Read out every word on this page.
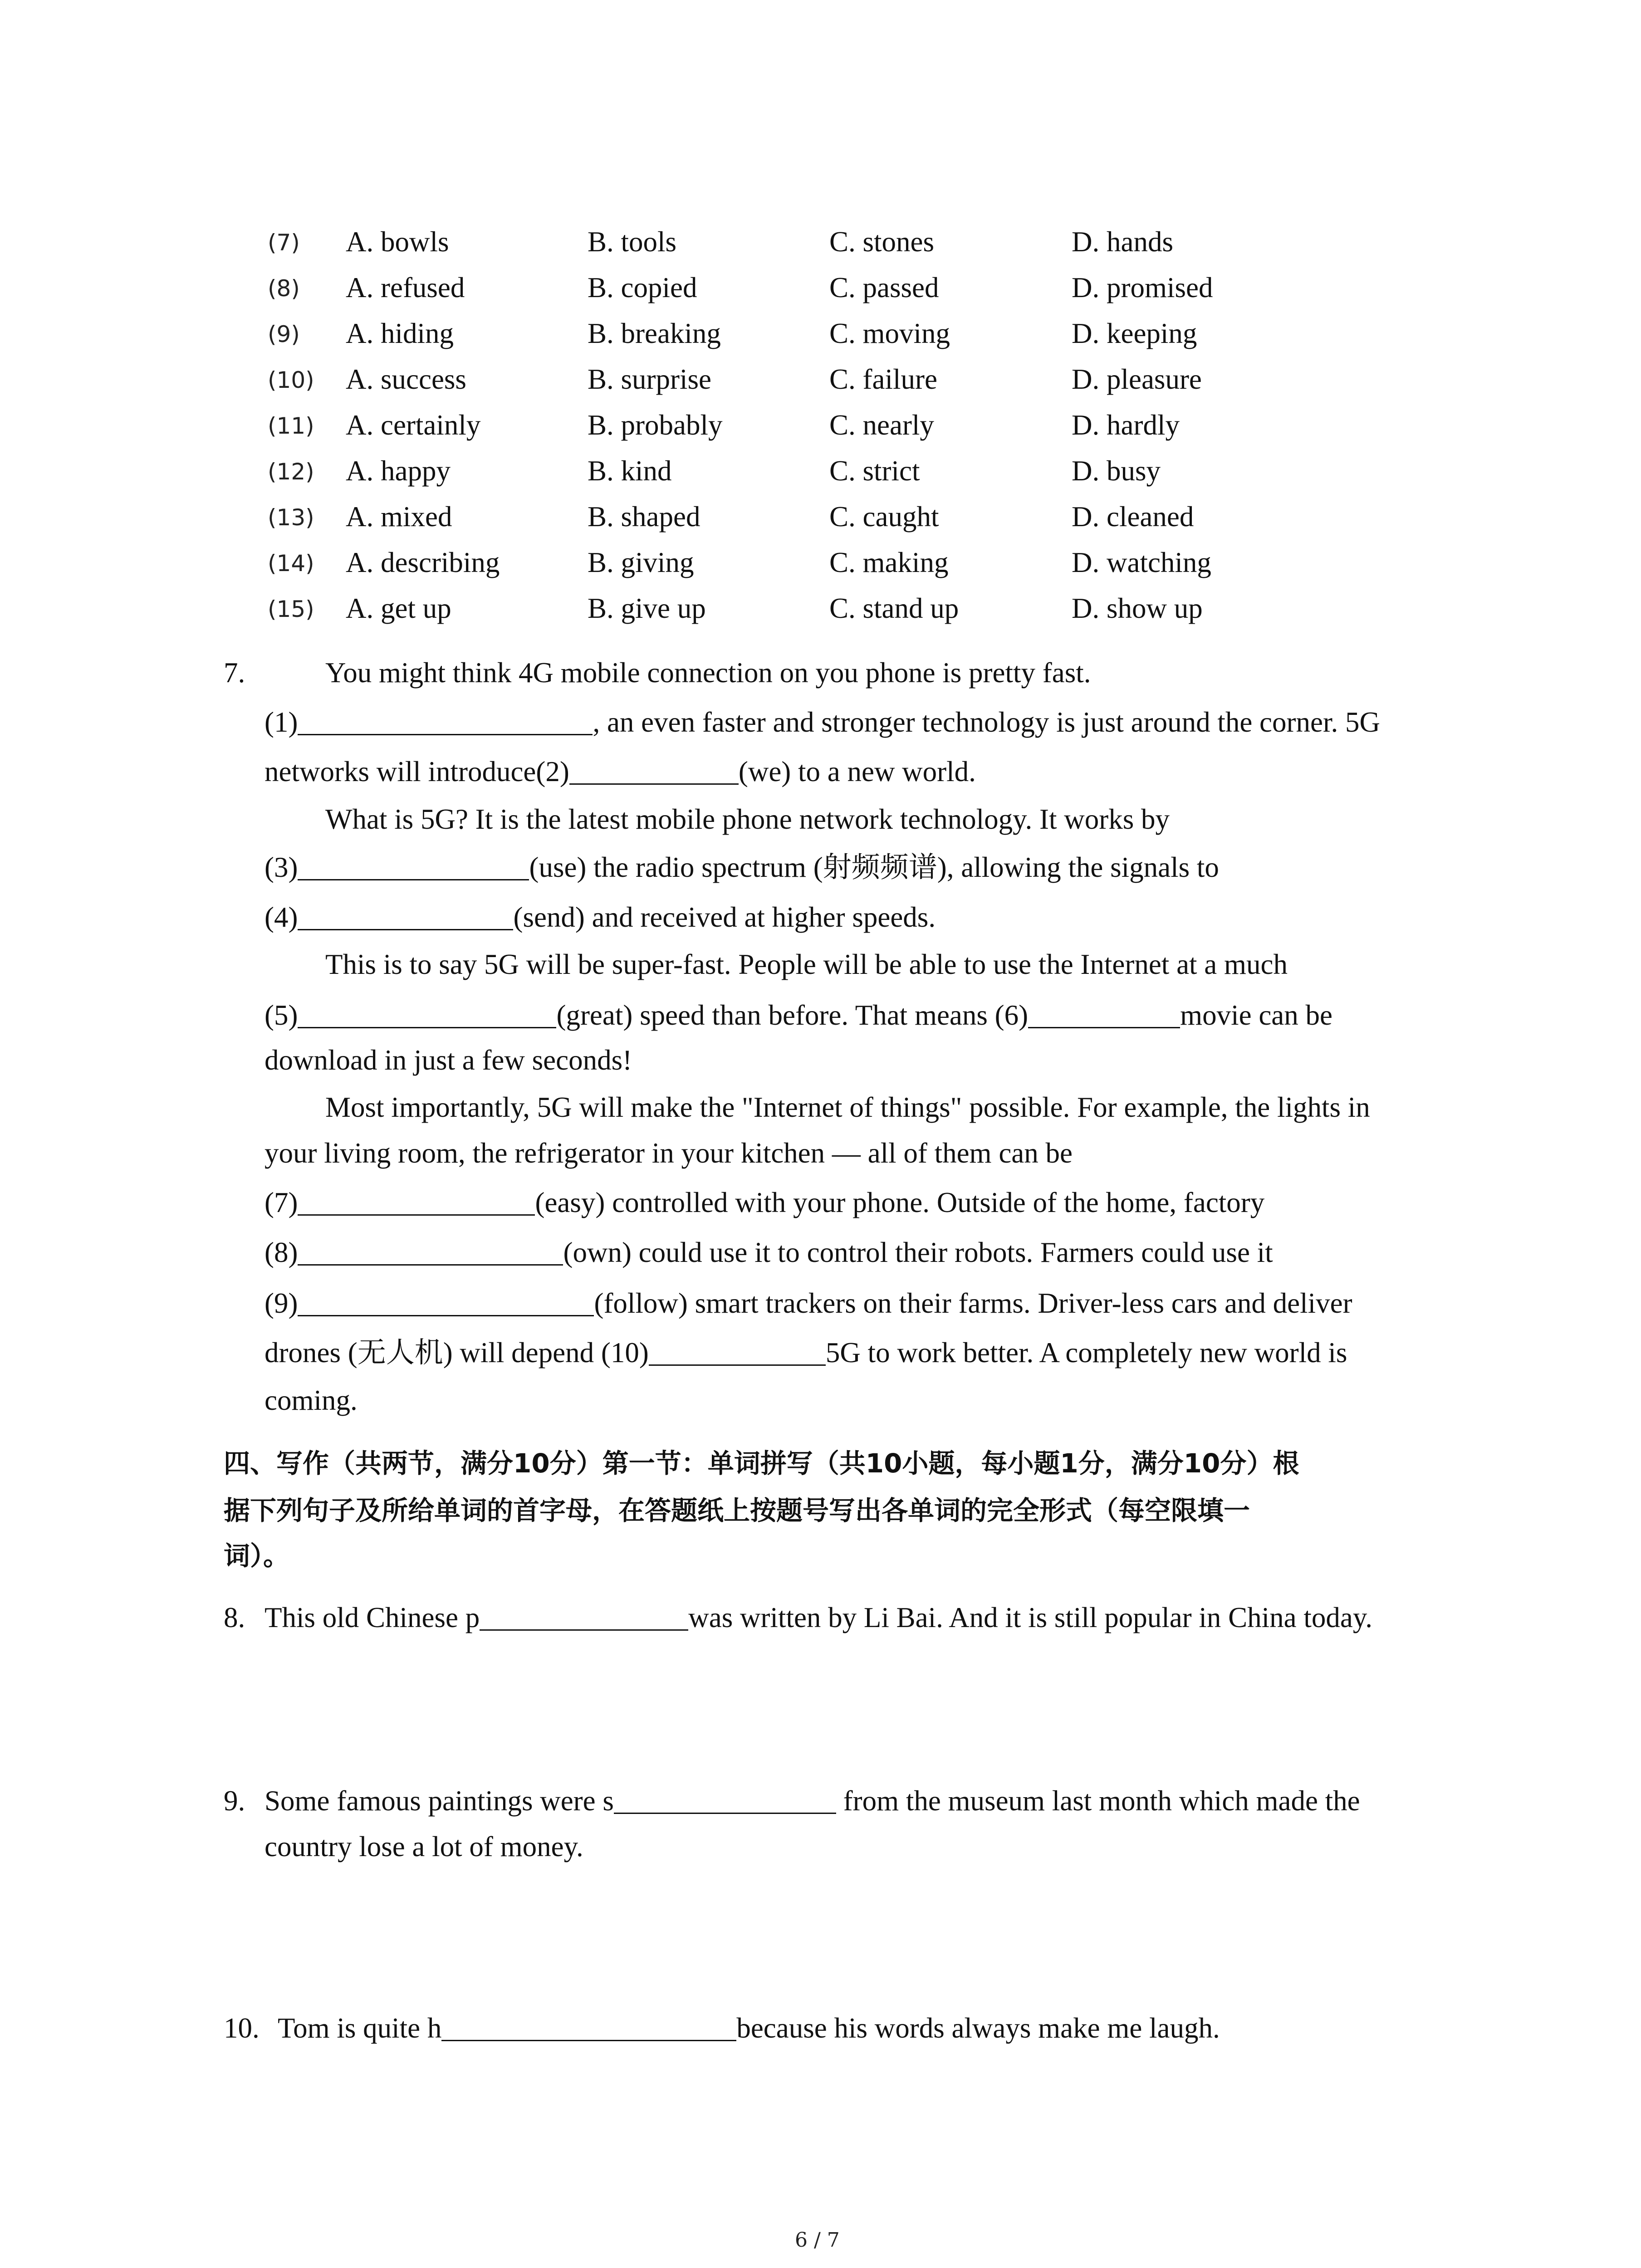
(7) A. bowls	B. tools	C. stones	D. hands
(8) A. refused	B. copied	C. passed	D. promised
(9) A. hiding	B. breaking	C. moving	D. keeping
(10) A. success	B. surprise	C. failure	D. pleasure
(11) A. certainly	B. probably	C. nearly	D. hardly
(12) A. happy	B. kind	C. strict	D. busy
(13) A. mixed	B. shaped	C. caught	D. cleaned
(14) A. describing	B. giving	C. making	D. watching
(15) A. get up	B. give up	C. stand up	D. show up
7.	You might think 4G mobile connection on you phone is pretty fast.
(1)	, an even faster and stronger technology is just around the corner. 5G
networks will introduce(2)	(we) to a new world.
What is 5G? It is the latest mobile phone network technology. It works by
(3)	(use) the radio spectrum (射频频谱), allowing the signals to
(4)	(send) and received at higher speeds.
This is to say 5G will be super-fast. People will be able to use the Internet at a much
(5)	(great) speed than before. That means (6)	movie can be
download in just a few seconds!
Most importantly, 5G will make the "Internet of things" possible. For example, the lights in
your living room, the refrigerator in your kitchen — all of them can be
(7)	(easy) controlled with your phone. Outside of the home, factory
(8)	(own) could use it to control their robots. Farmers could use it
(9)	(follow) smart trackers on their farms. Driver-less cars and deliver
drones (无人机) will depend (10)	5G to work better. A completely new world is
coming.
四、写作（共两节，满分10分）第一节：单词拼写（共10小题，每小题1分，满分10分）根
据下列句子及所给单词的首字母，在答题纸上按题号写出各单词的完全形式（每空限填一
词）。
8. This old Chinese p	was written by Li Bai. And it is still popular in China today.
9. Some famous paintings were s	from the museum last month which made the
country lose a lot of money.
10. Tom is quite h	because his words always make me laugh.
6 / 7
